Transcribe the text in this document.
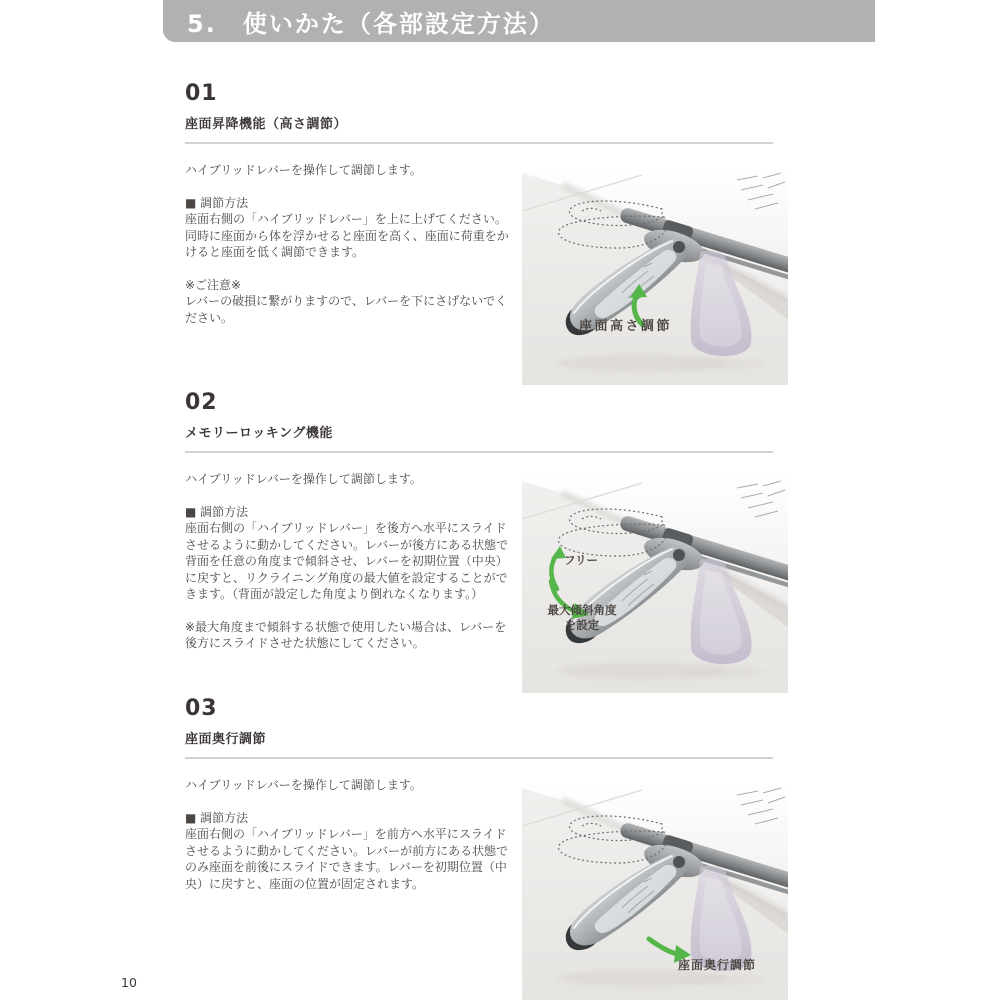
5.　使いかた（各部設定方法）
01
座面昇降機能（高さ調節）

ハイブリッドレバーを操作して調節します。

■ 調節方法

座面右側の「ハイブリッドレバー」を上に上げてください。同時に座面から体を浮かせると座面を高く、座面に荷重をかけると座面を低く調節できます。

※ご注意※

レバーの破損に繋がりますので、レバーを下にさげないでください。

座面高さ調節
02
メモリーロッキング機能

ハイブリッドレバーを操作して調節します。

■ 調節方法

座面右側の「ハイブリッドレバー」を後方へ水平にスライドさせるように動かしてください。レバーが後方にある状態で背面を任意の角度まで傾斜させ、レバーを初期位置（中央）に戻すと、リクライニング角度の最大値を設定することができます。（背面が設定した角度より倒れなくなります。）

※最大角度まで傾斜する状態で使用したい場合は、レバーを後方にスライドさせた状態にしてください。

フリー
最大傾斜角度
を設定
03
座面奥行調節

ハイブリッドレバーを操作して調節します。

■ 調節方法

座面右側の「ハイブリッドレバー」を前方へ水平にスライドさせるように動かしてください。レバーが前方にある状態でのみ座面を前後にスライドできます。レバーを初期位置（中央）に戻すと、座面の位置が固定されます。

座面奥行調節
10
